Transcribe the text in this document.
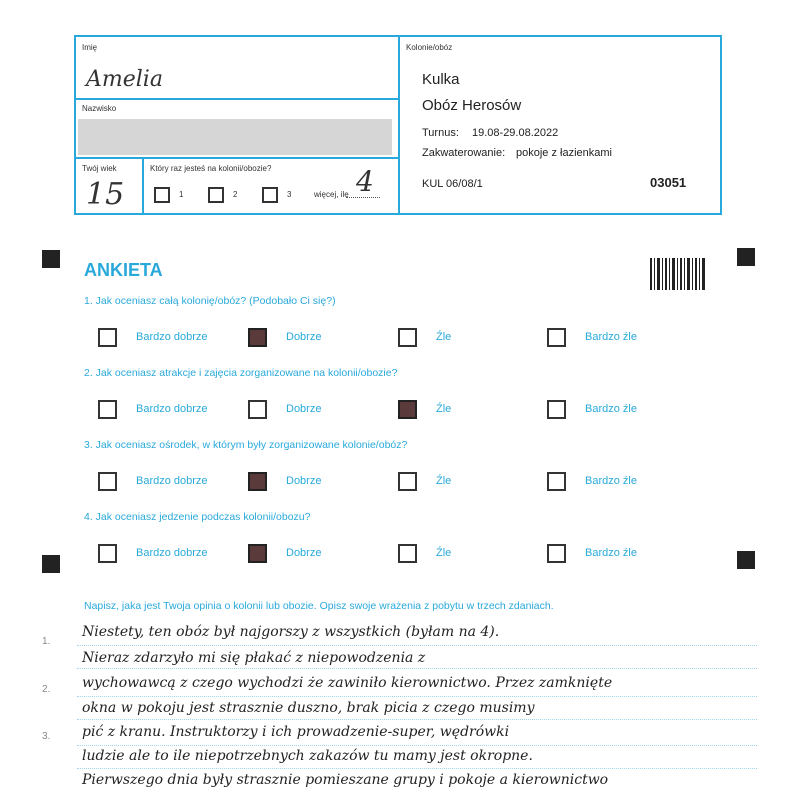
Imię
Amelia
Nazwisko
Twój wiek
15
Który raz jesteś na kolonii/obozie?
1	2	3	więcej, ile 4
Kolonie/obóz
Kulka
Obóz Herosów
Turnus: 19.08-29.08.2022
Zakwaterowanie: pokoje z łazienkami
KUL 06/08/1	03051
ANKIETA
1. Jak oceniasz całą kolonię/obóz? (Podobało Ci się?)
Bardzo dobrze	Dobrze	Źle	Bardzo źle
2. Jak oceniasz atrakcje i zajęcia zorganizowane na kolonii/obozie?
Bardzo dobrze	Dobrze	Źle	Bardzo źle
3. Jak oceniasz ośrodek, w którym były zorganizowane kolonie/obóz?
Bardzo dobrze	Dobrze	Źle	Bardzo źle
4. Jak oceniasz jedzenie podczas kolonii/obozu?
Bardzo dobrze	Dobrze	Źle	Bardzo źle
Napisz, jaka jest Twoja opinia o kolonii lub obozie. Opisz swoje wrażenia z pobytu w trzech zdaniach.
1.
2.
3.
Niestety, ten obóz był najgorszy z wszystkich (byłam na 4).
Nieraz zdarzyło mi się płakać z niepowodzenia z
wychowawcą z czego wychodzi że zawiniło kierownictwo. Przez zamknięte
okna w pokoju jest strasznie duszno, brak picia z czego musimy
pić z kranu. Instruktorzy i ich prowadzenie-super, wędrówki
ludzie ale to ile niepotrzebnych zakazów tu mamy jest okropne.
Pierwszego dnia były strasznie pomieszane grupy i pokoje a kierownictwo
